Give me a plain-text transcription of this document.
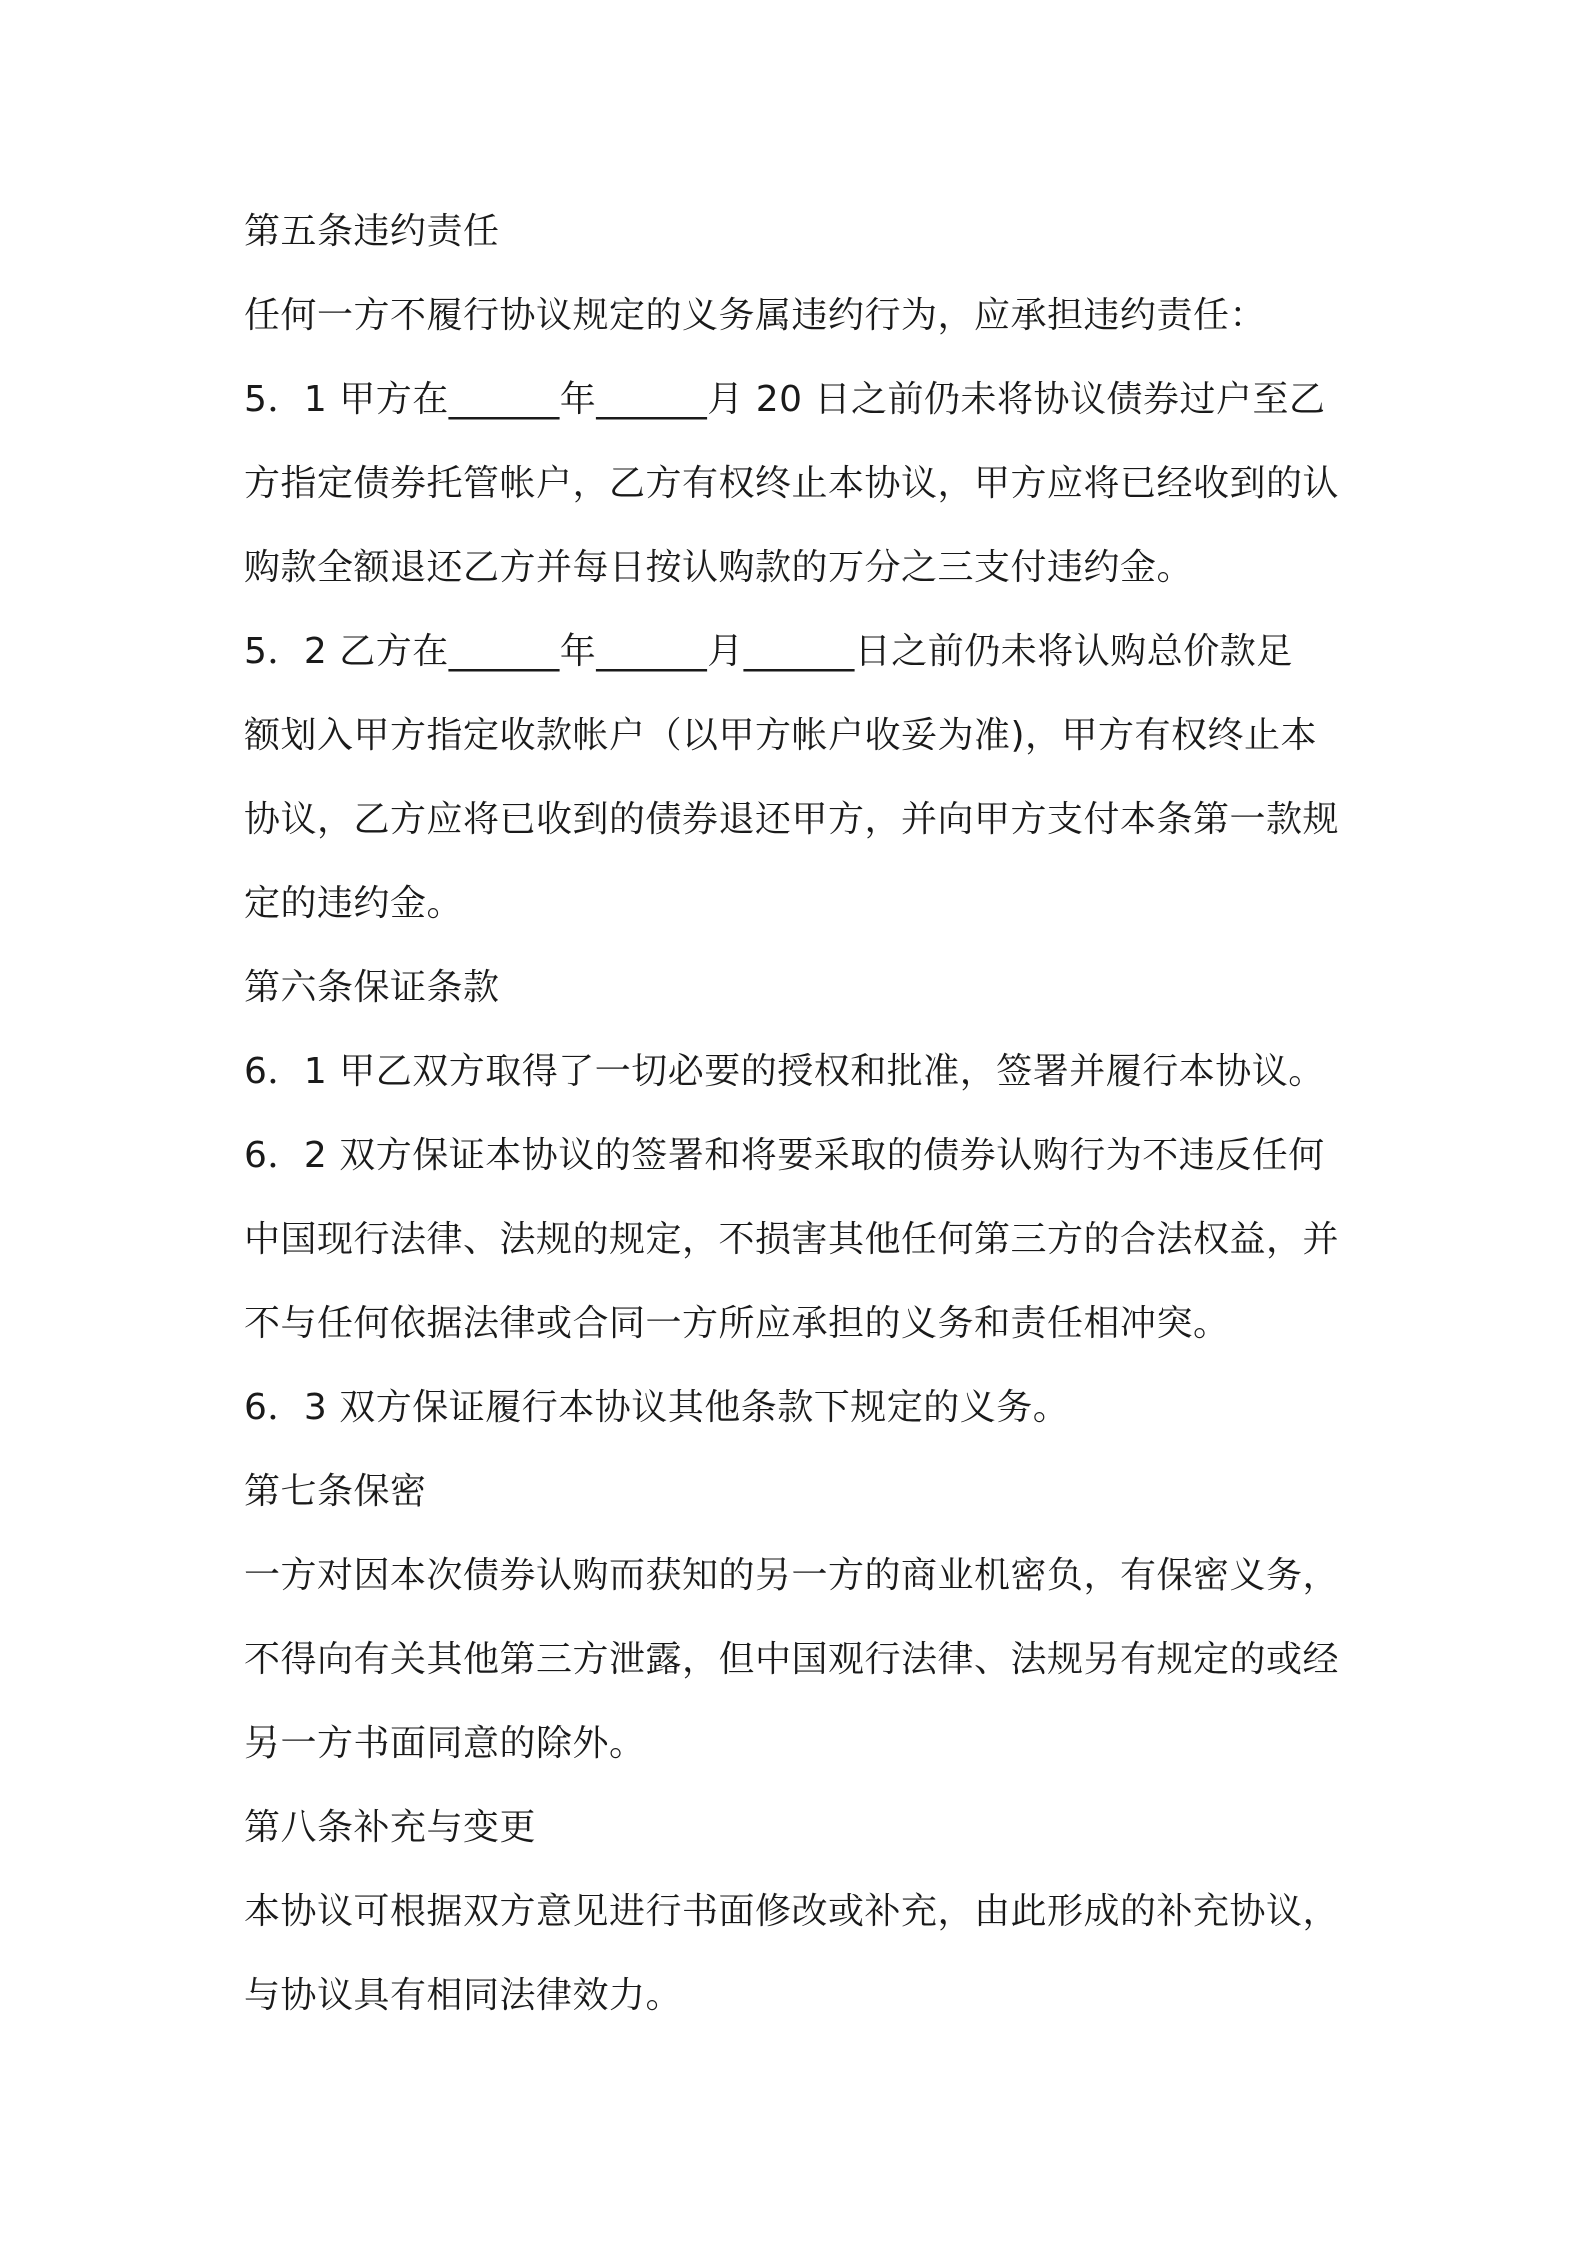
第五条违约责任
任何一方不履行协议规定的义务属违约行为，应承担违约责任：
5．1 甲方在______年______月 20 日之前仍未将协议债券过户至乙
方指定债券托管帐户，乙方有权终止本协议，甲方应将已经收到的认
购款全额退还乙方并每日按认购款的万分之三支付违约金。
5．2 乙方在______年______月______日之前仍未将认购总价款足
额划入甲方指定收款帐户（以甲方帐户收妥为准)，甲方有权终止本
协议，乙方应将已收到的债券退还甲方，并向甲方支付本条第一款规
定的违约金。
第六条保证条款
6．1 甲乙双方取得了一切必要的授权和批准，签署并履行本协议。
6．2 双方保证本协议的签署和将要采取的债券认购行为不违反任何
中国现行法律、法规的规定，不损害其他任何第三方的合法权益，并
不与任何依据法律或合同一方所应承担的义务和责任相冲突。
6．3 双方保证履行本协议其他条款下规定的义务。
第七条保密
一方对因本次债券认购而获知的另一方的商业机密负，有保密义务，
不得向有关其他第三方泄露，但中国观行法律、法规另有规定的或经
另一方书面同意的除外。
第八条补充与变更
本协议可根据双方意见进行书面修改或补充，由此形成的补充协议，
与协议具有相同法律效力。
